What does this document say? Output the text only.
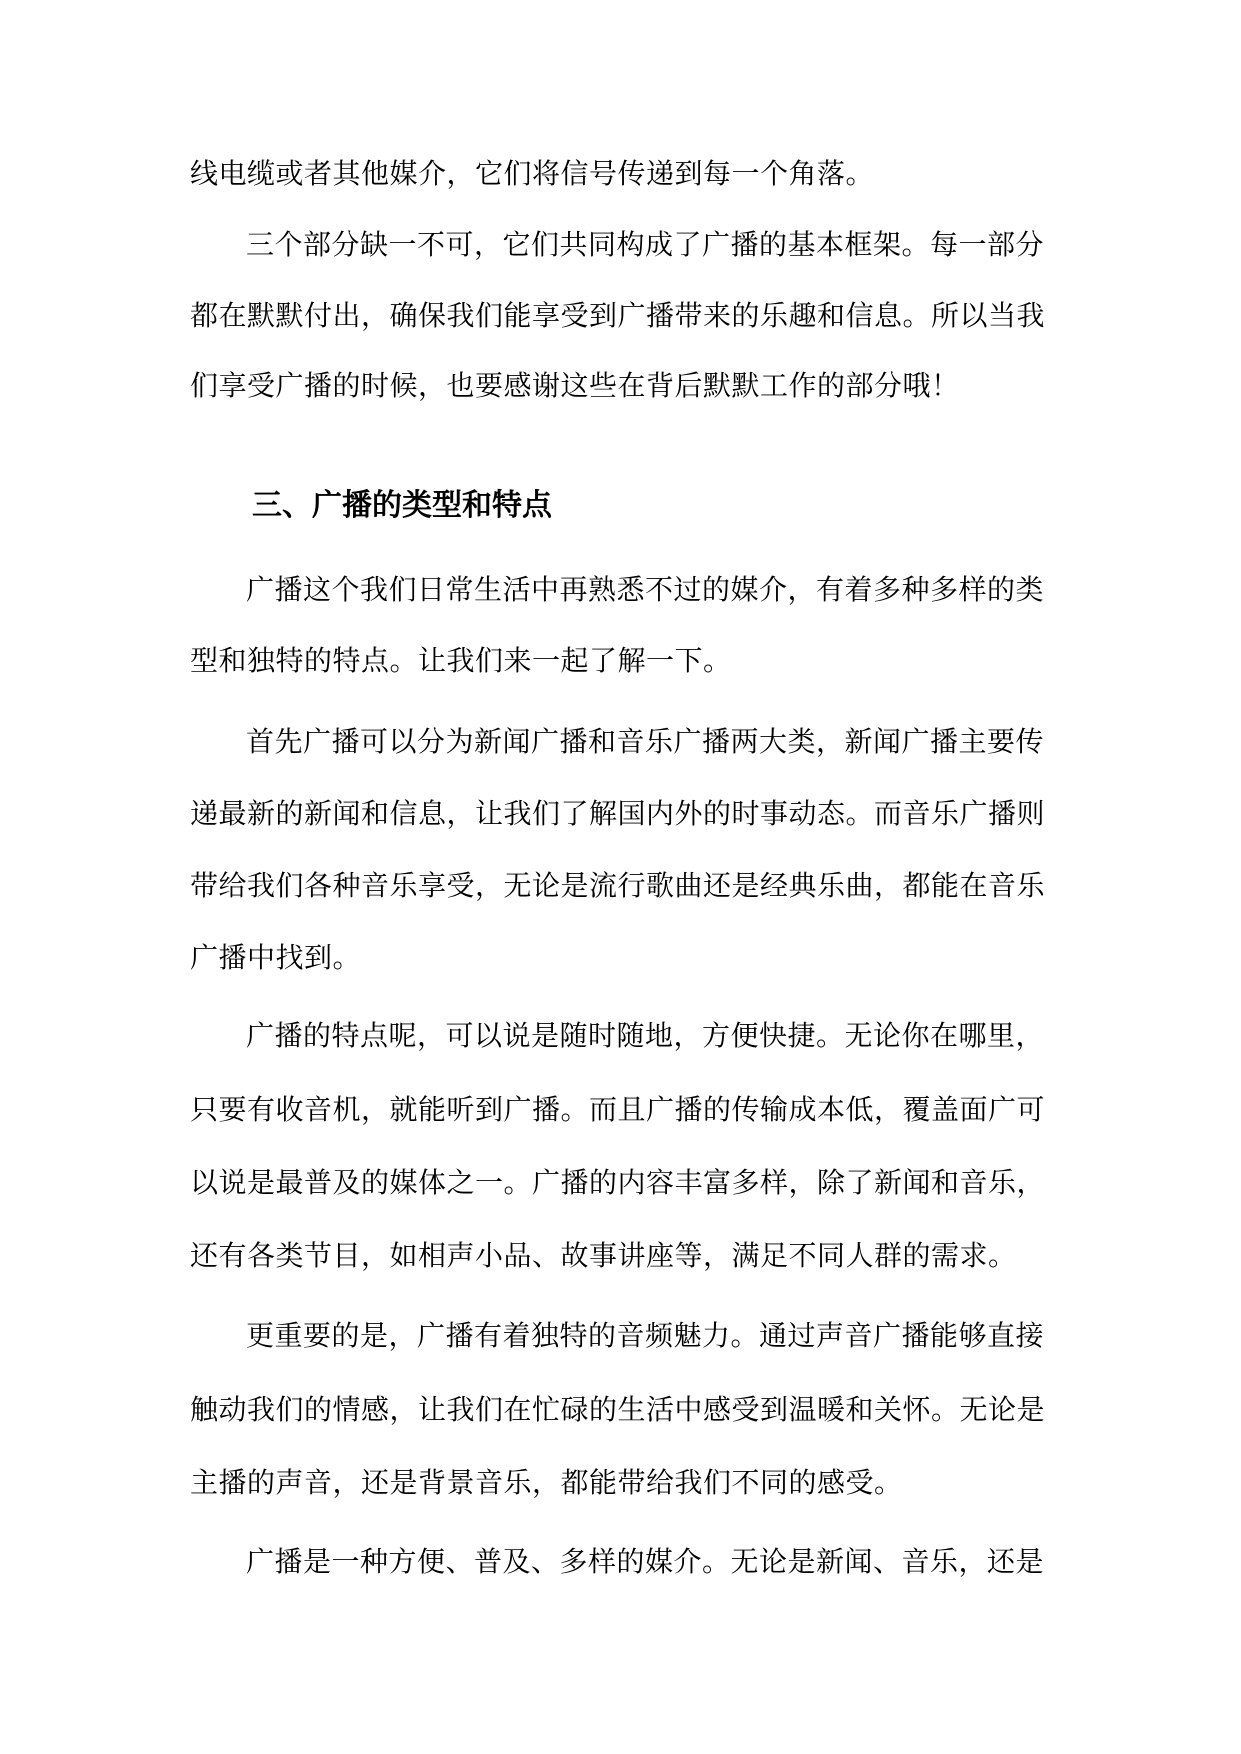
线电缆或者其他媒介，它们将信号传递到每一个角落。
三个部分缺一不可，它们共同构成了广播的基本框架。每一部分
都在默默付出，确保我们能享受到广播带来的乐趣和信息。所以当我
们享受广播的时候，也要感谢这些在背后默默工作的部分哦！
三、广播的类型和特点
广播这个我们日常生活中再熟悉不过的媒介，有着多种多样的类
型和独特的特点。让我们来一起了解一下。
首先广播可以分为新闻广播和音乐广播两大类，新闻广播主要传
递最新的新闻和信息，让我们了解国内外的时事动态。而音乐广播则
带给我们各种音乐享受，无论是流行歌曲还是经典乐曲，都能在音乐
广播中找到。
广播的特点呢，可以说是随时随地，方便快捷。无论你在哪里，
只要有收音机，就能听到广播。而且广播的传输成本低，覆盖面广可
以说是最普及的媒体之一。广播的内容丰富多样，除了新闻和音乐，
还有各类节目，如相声小品、故事讲座等，满足不同人群的需求。
更重要的是，广播有着独特的音频魅力。通过声音广播能够直接
触动我们的情感，让我们在忙碌的生活中感受到温暖和关怀。无论是
主播的声音，还是背景音乐，都能带给我们不同的感受。
广播是一种方便、普及、多样的媒介。无论是新闻、音乐，还是
